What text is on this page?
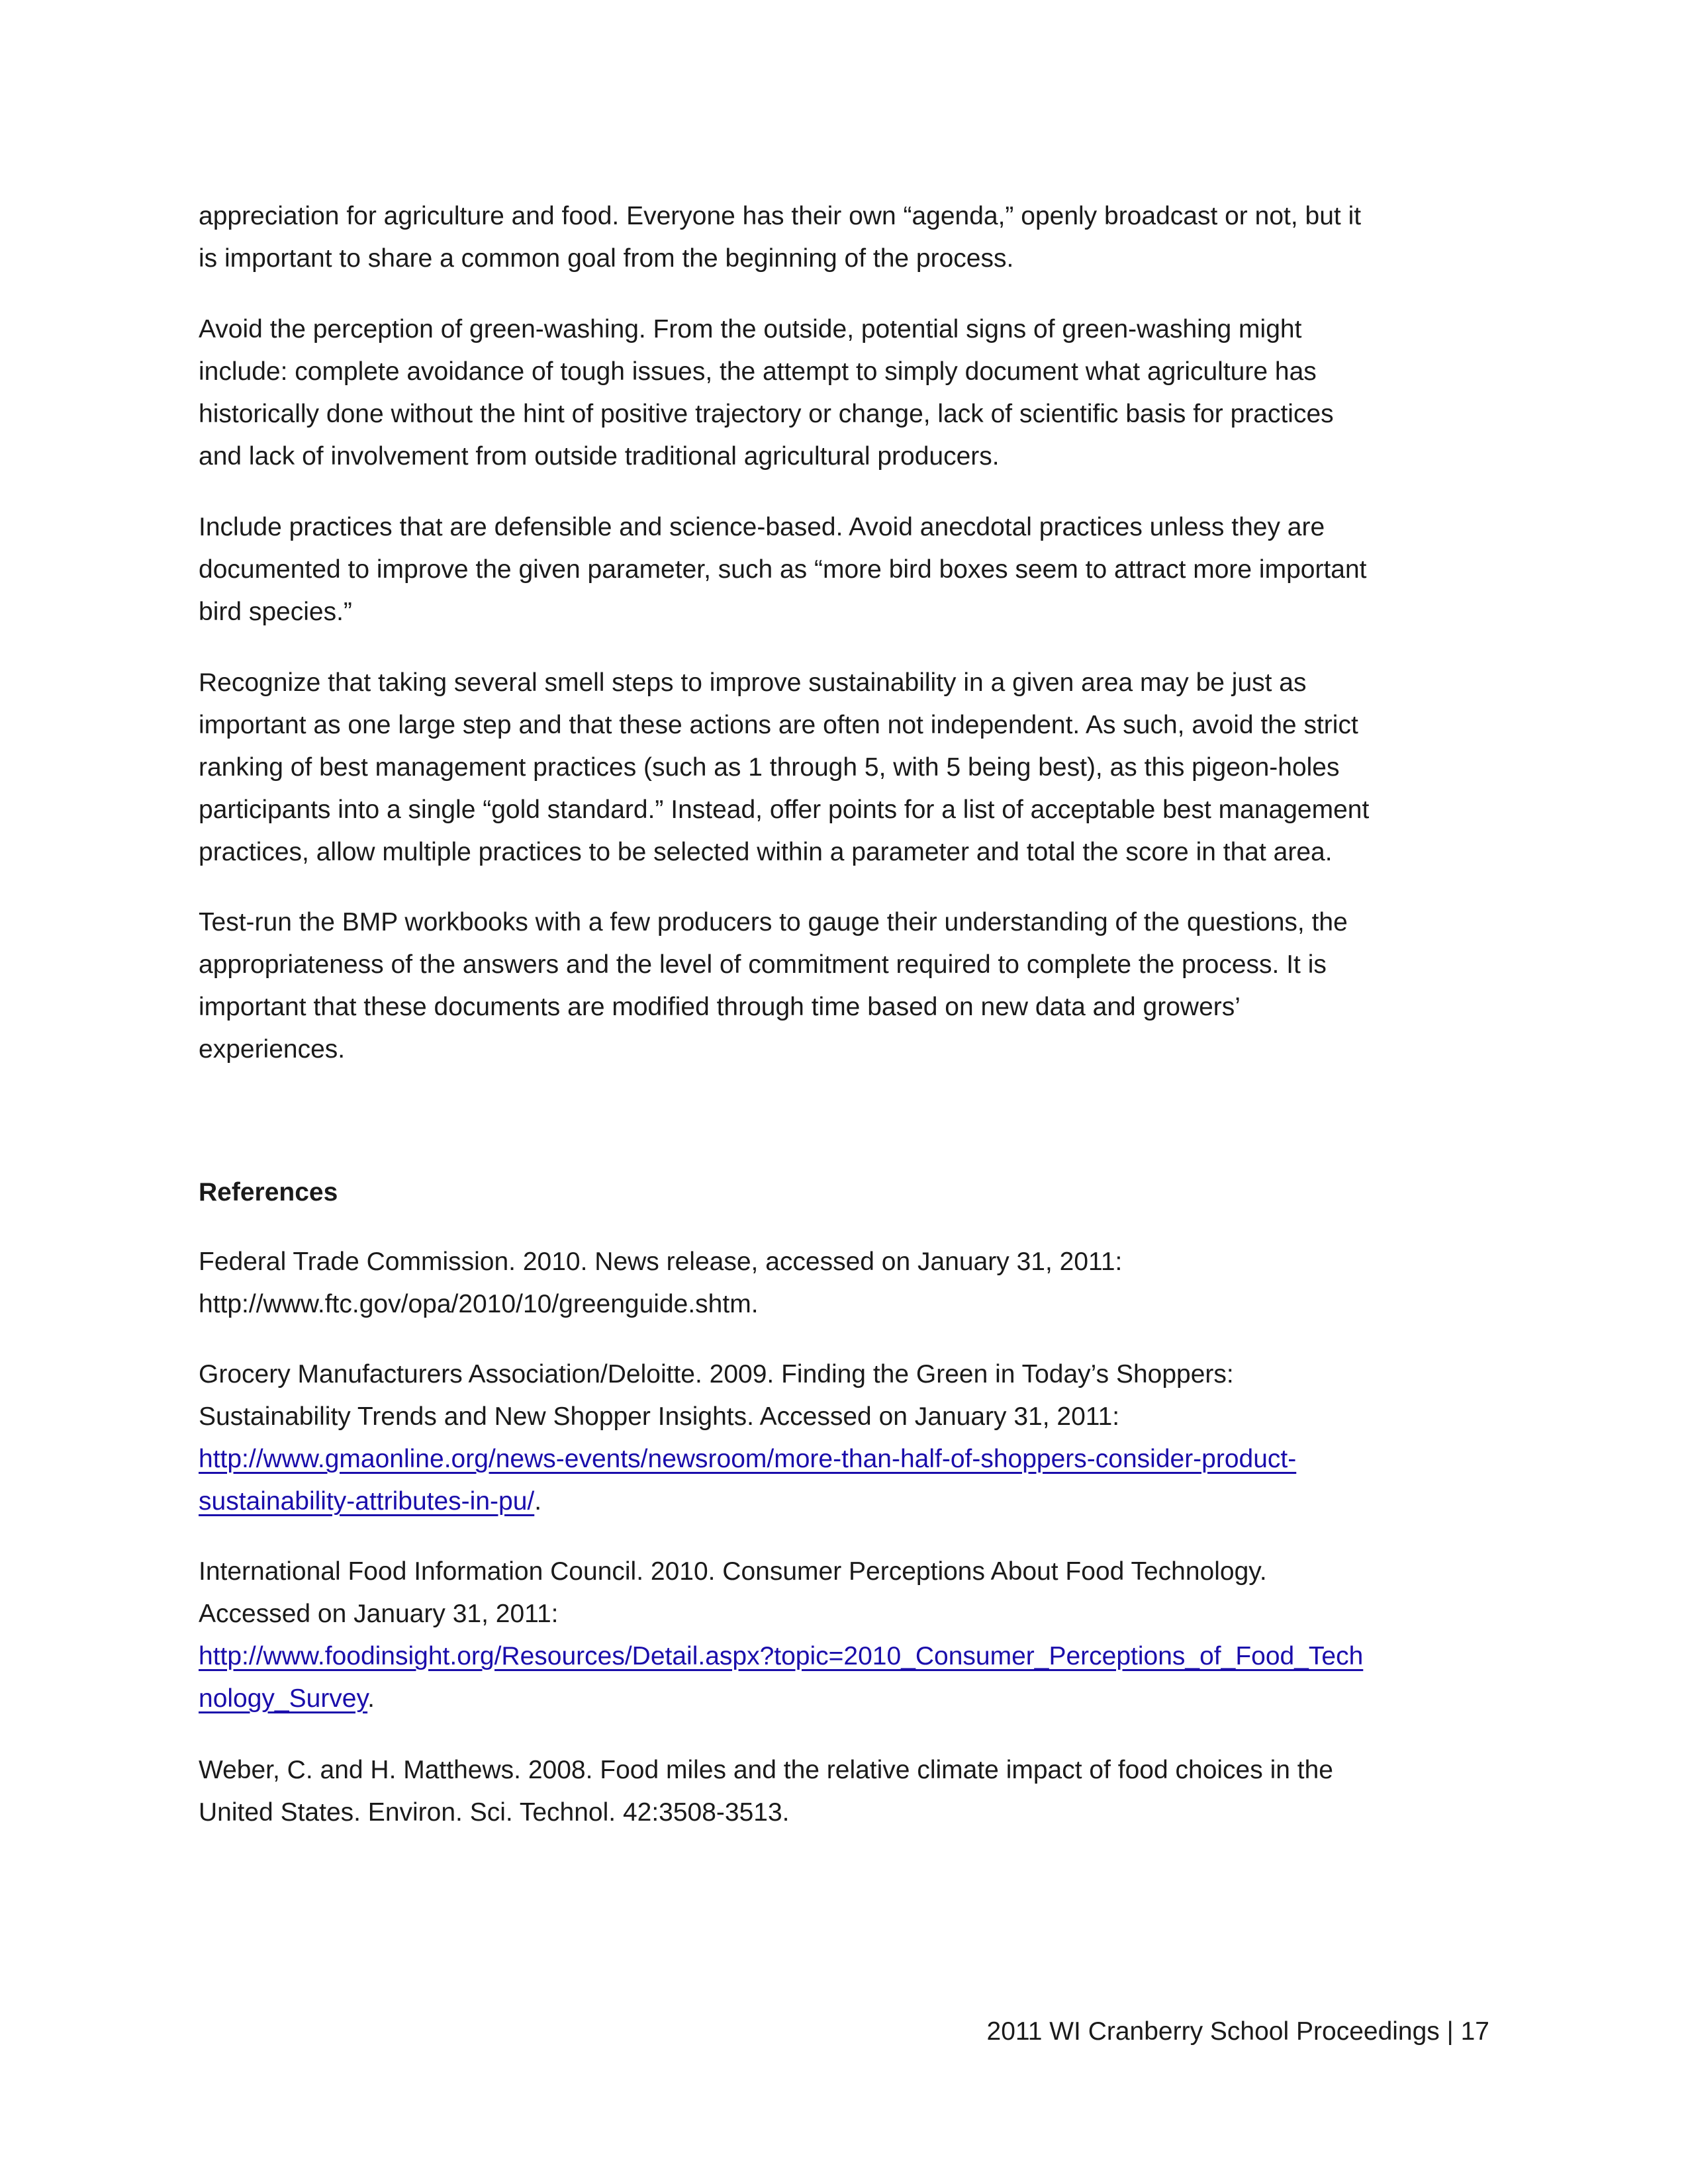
appreciation for agriculture and food. Everyone has their own “agenda,” openly broadcast or not, but it
is important to share a common goal from the beginning of the process.

Avoid the perception of green-washing. From the outside, potential signs of green-washing might
include: complete avoidance of tough issues, the attempt to simply document what agriculture has
historically done without the hint of positive trajectory or change, lack of scientific basis for practices
and lack of involvement from outside traditional agricultural producers.

Include practices that are defensible and science-based. Avoid anecdotal practices unless they are
documented to improve the given parameter, such as “more bird boxes seem to attract more important
bird species.”

Recognize that taking several smell steps to improve sustainability in a given area may be just as
important as one large step and that these actions are often not independent. As such, avoid the strict
ranking of best management practices (such as 1 through 5, with 5 being best), as this pigeon-holes
participants into a single “gold standard.” Instead, offer points for a list of acceptable best management
practices, allow multiple practices to be selected within a parameter and total the score in that area.

Test-run the BMP workbooks with a few producers to gauge their understanding of the questions, the
appropriateness of the answers and the level of commitment required to complete the process. It is
important that these documents are modified through time based on new data and growers’
experiences.

References

Federal Trade Commission. 2010. News release, accessed on January 31, 2011:
http://www.ftc.gov/opa/2010/10/greenguide.shtm.

Grocery Manufacturers Association/Deloitte. 2009. Finding the Green in Today’s Shoppers:
Sustainability Trends and New Shopper Insights. Accessed on January 31, 2011:
http://www.gmaonline.org/news-events/newsroom/more-than-half-of-shoppers-consider-product-
sustainability-attributes-in-pu/.

International Food Information Council. 2010. Consumer Perceptions About Food Technology.
Accessed on January 31, 2011:
http://www.foodinsight.org/Resources/Detail.aspx?topic=2010_Consumer_Perceptions_of_Food_Tech
nology_Survey.

Weber, C. and H. Matthews. 2008. Food miles and the relative climate impact of food choices in the
United States. Environ. Sci. Technol. 42:3508-3513.

2011 WI Cranberry School Proceedings | 17
